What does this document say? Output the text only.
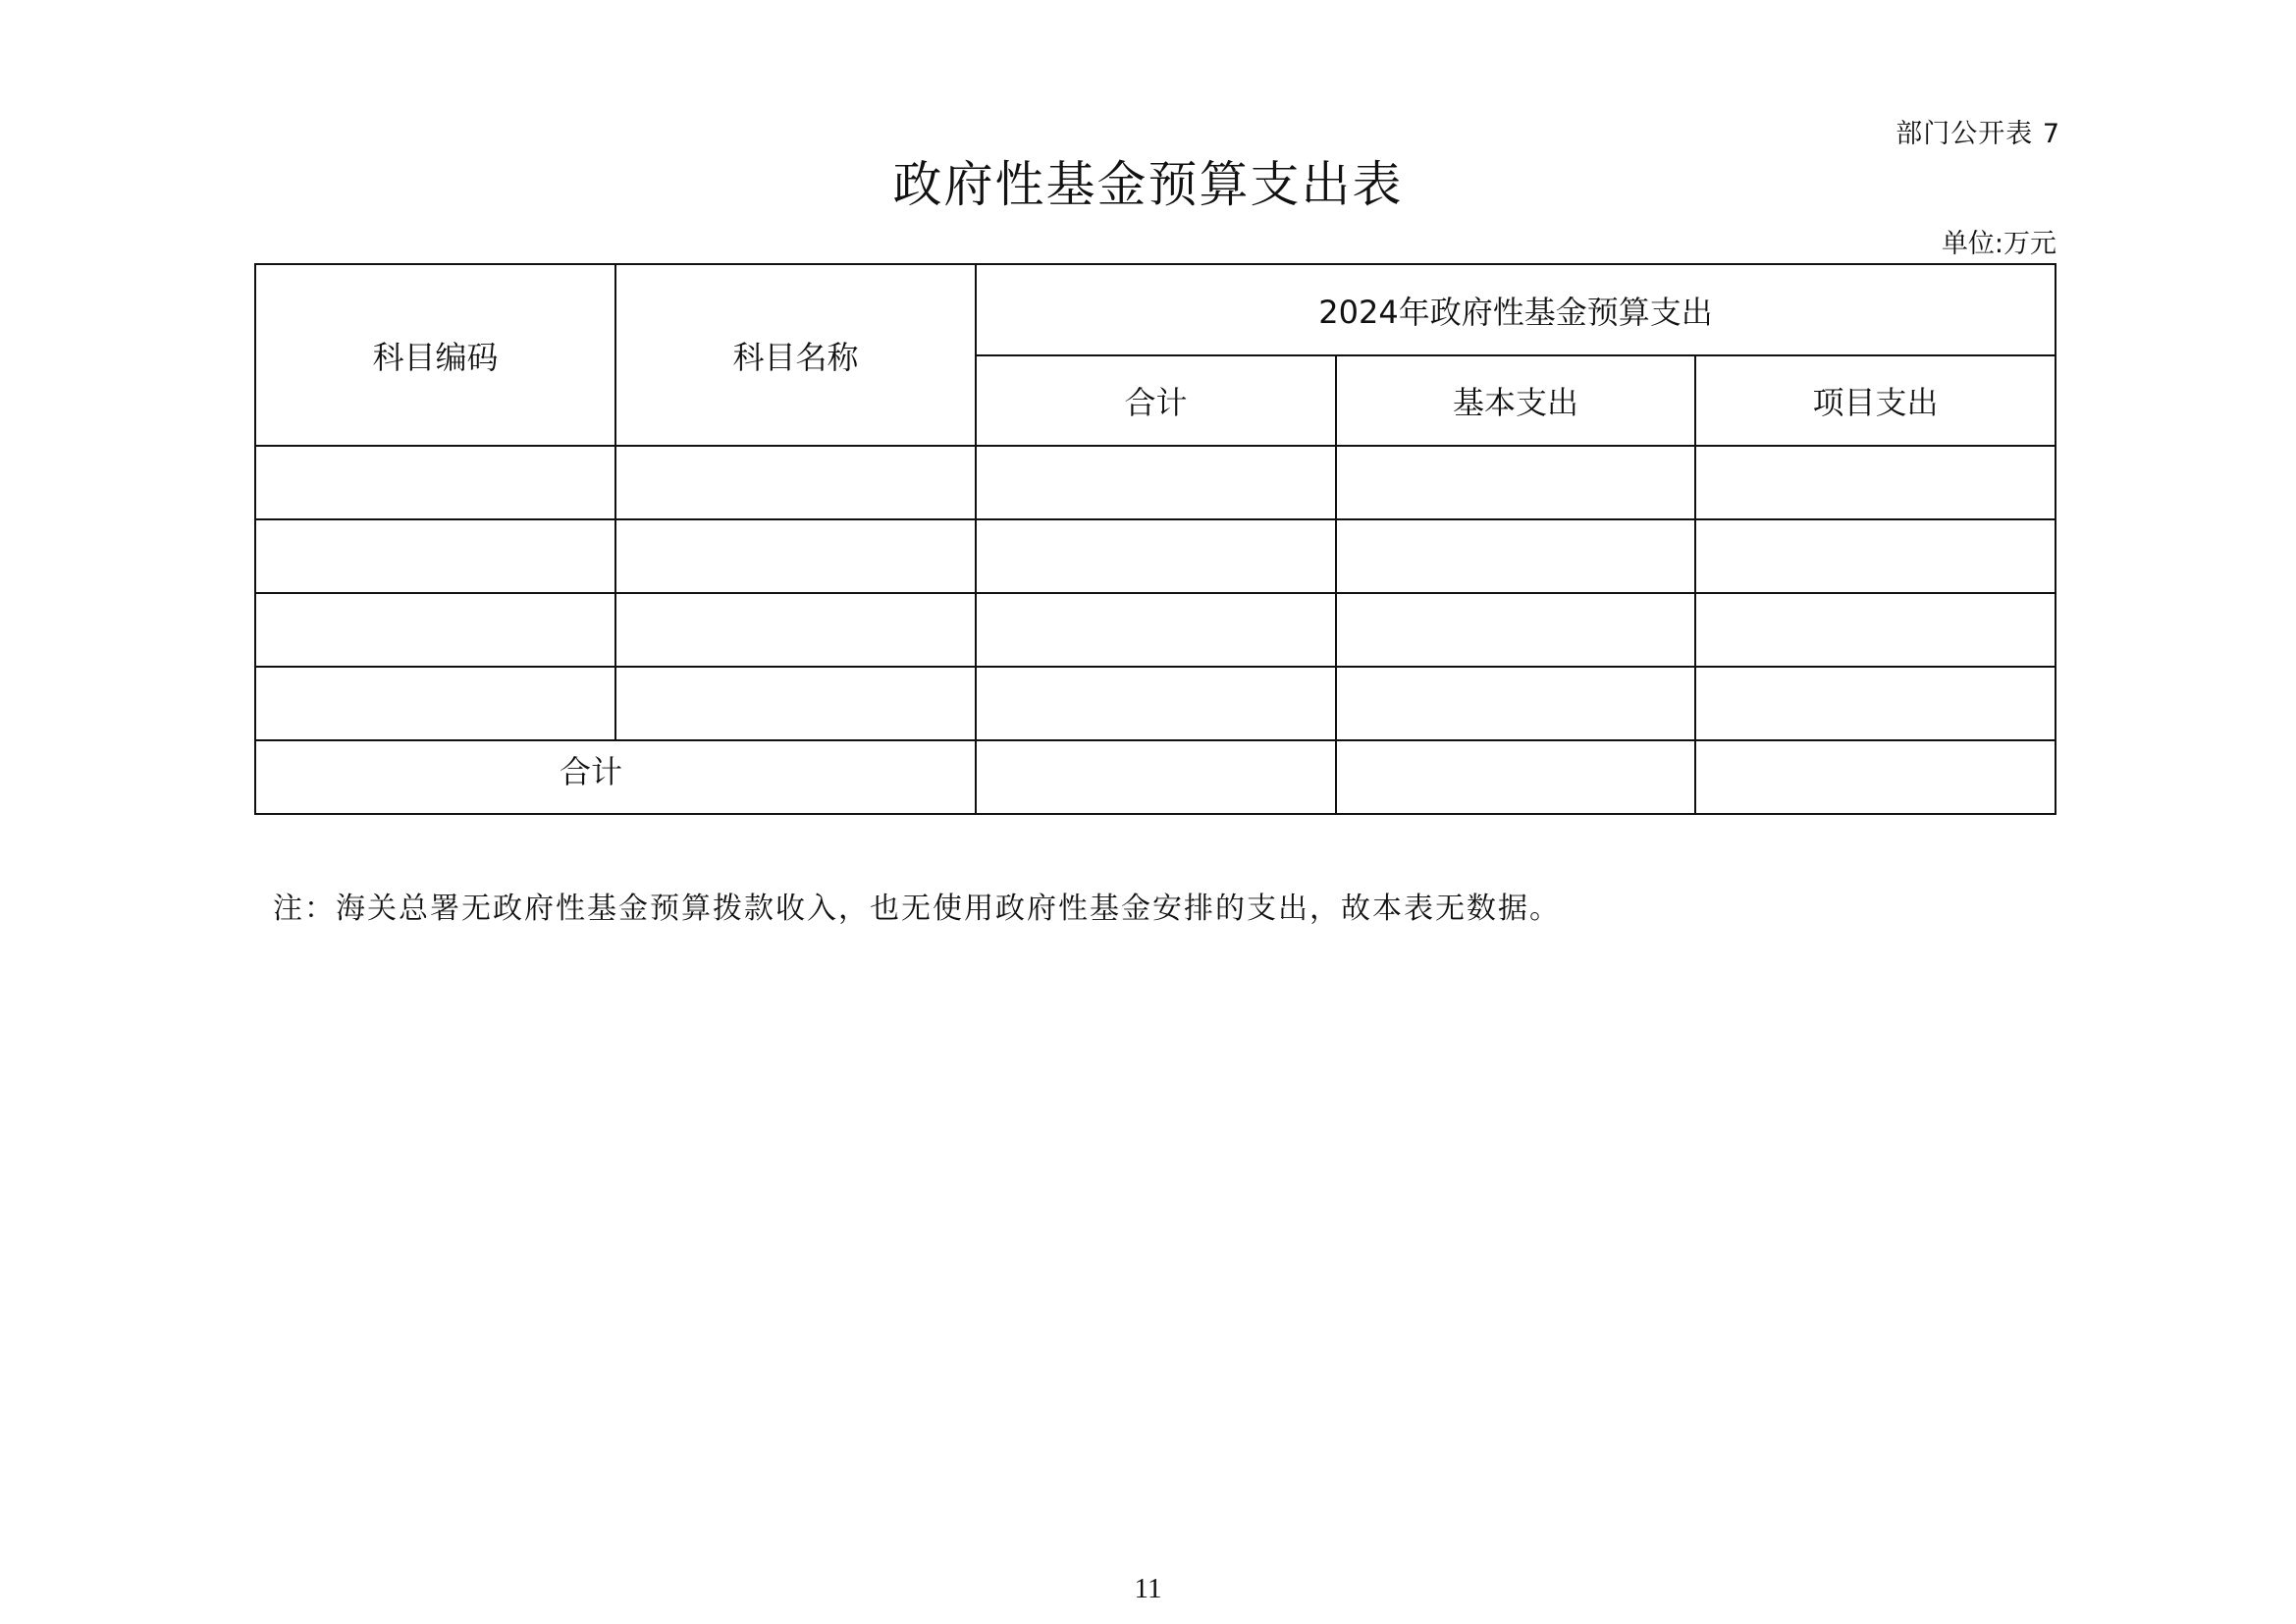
部门公开表 7
政府性基金预算支出表
单位:万元
科目编码	科目名称	2024年政府性基金预算支出		
		合计	基本支出	项目支出

合计				
注：海关总署无政府性基金预算拨款收入，也无使用政府性基金安排的支出，故本表无数据。
11
